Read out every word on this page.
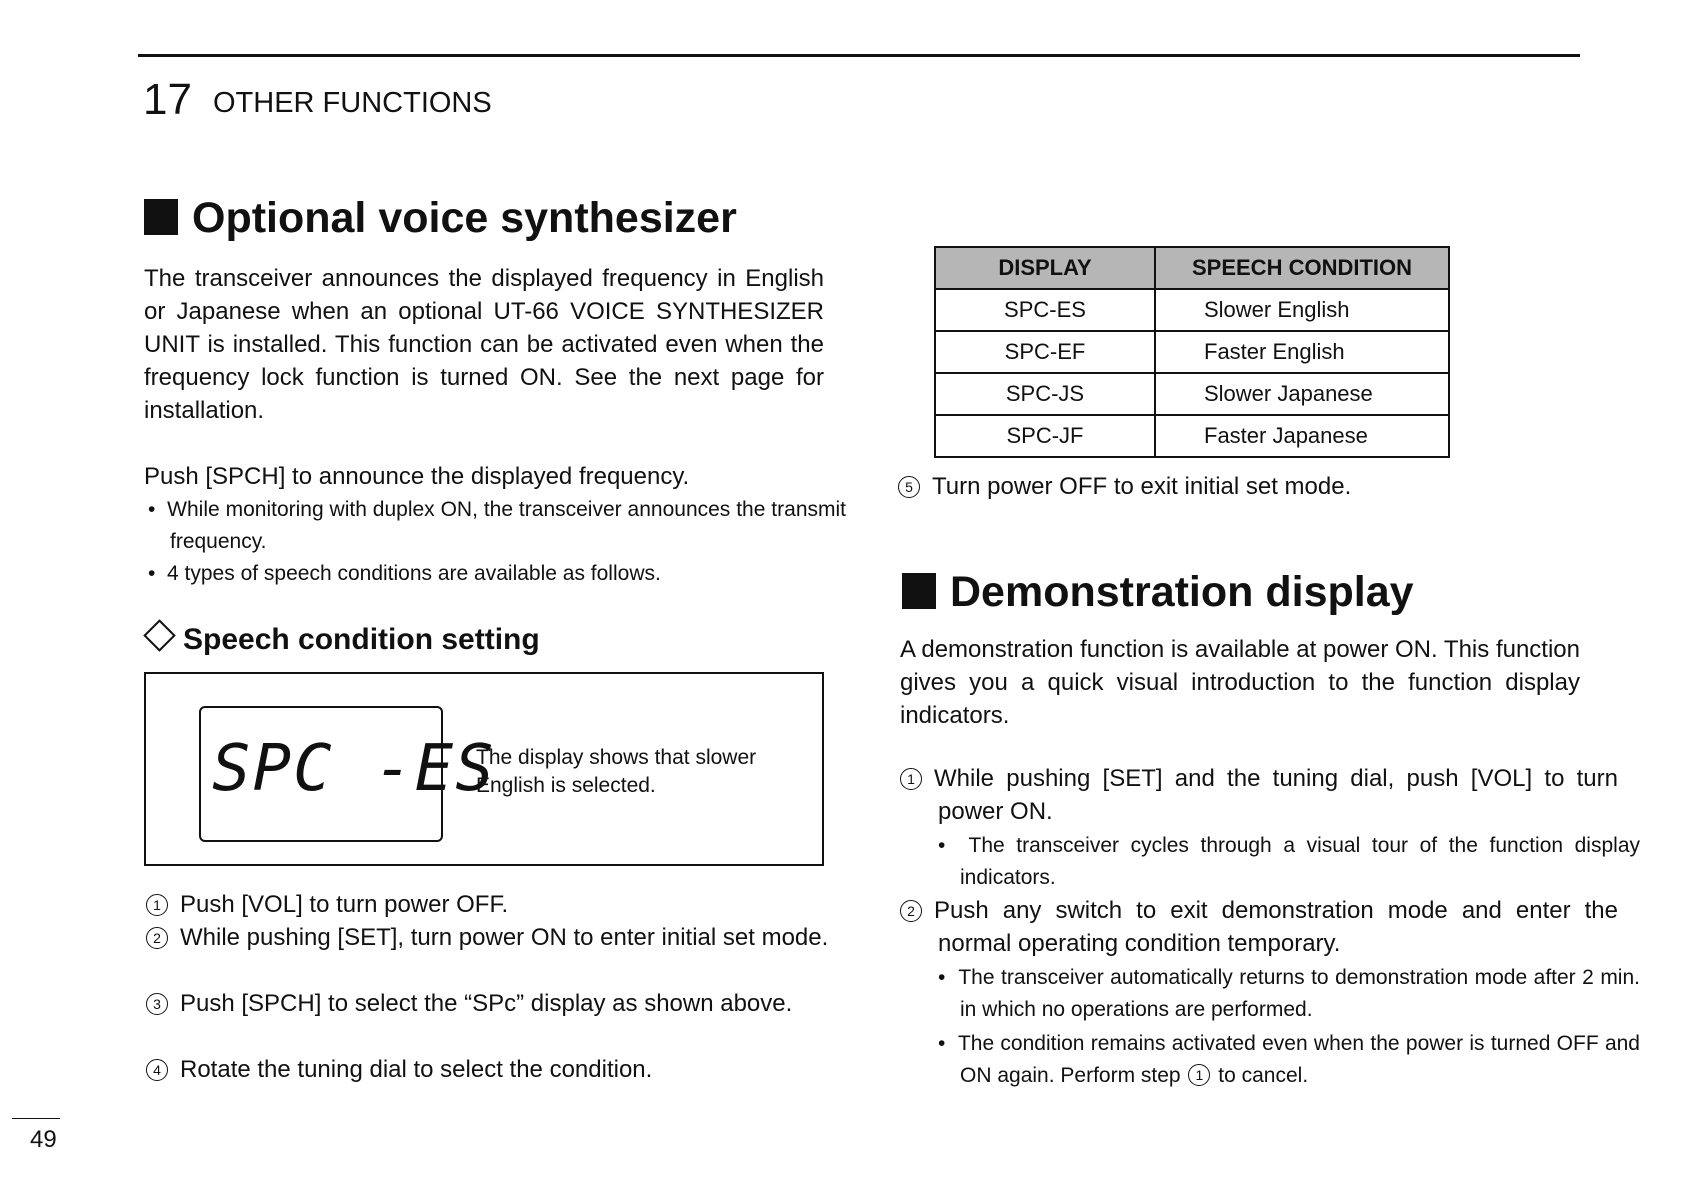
17 OTHER FUNCTIONS
Optional voice synthesizer
The transceiver announces the displayed frequency in English or Japanese when an optional UT-66 VOICE SYNTHESIZER UNIT is installed. This function can be activated even when the frequency lock function is turned ON. See the next page for installation.
Push [SPCH] to announce the displayed frequency.
•  While monitoring with duplex ON, the transceiver announces the transmit frequency.
•  4 types of speech conditions are available as follows.
Speech condition setting
SPC -ES
The display shows that slower English is selected.
1 Push [VOL] to turn power OFF.
2 While pushing [SET], turn power ON to enter initial set mode.
3 Push [SPCH] to select the “SPc” display as shown above.
4 Rotate the tuning dial to select the condition.
DISPLAY	SPEECH CONDITION
SPC-ES	Slower English
SPC-EF	Faster English
SPC-JS	Slower Japanese
SPC-JF	Faster Japanese
5 Turn power OFF to exit initial set mode.
Demonstration display
A demonstration function is available at power ON. This function gives you a quick visual introduction to the function display indicators.
1 While pushing [SET] and the tuning dial, push [VOL] to turn power ON.
•  The transceiver cycles through a visual tour of the function display indicators.
2 Push any switch to exit demonstration mode and enter the normal operating condition temporary.
•  The transceiver automatically returns to demonstration mode after 2 min. in which no operations are performed.
•  The condition remains activated even when the power is turned OFF and ON again. Perform step 1 to cancel.
49
